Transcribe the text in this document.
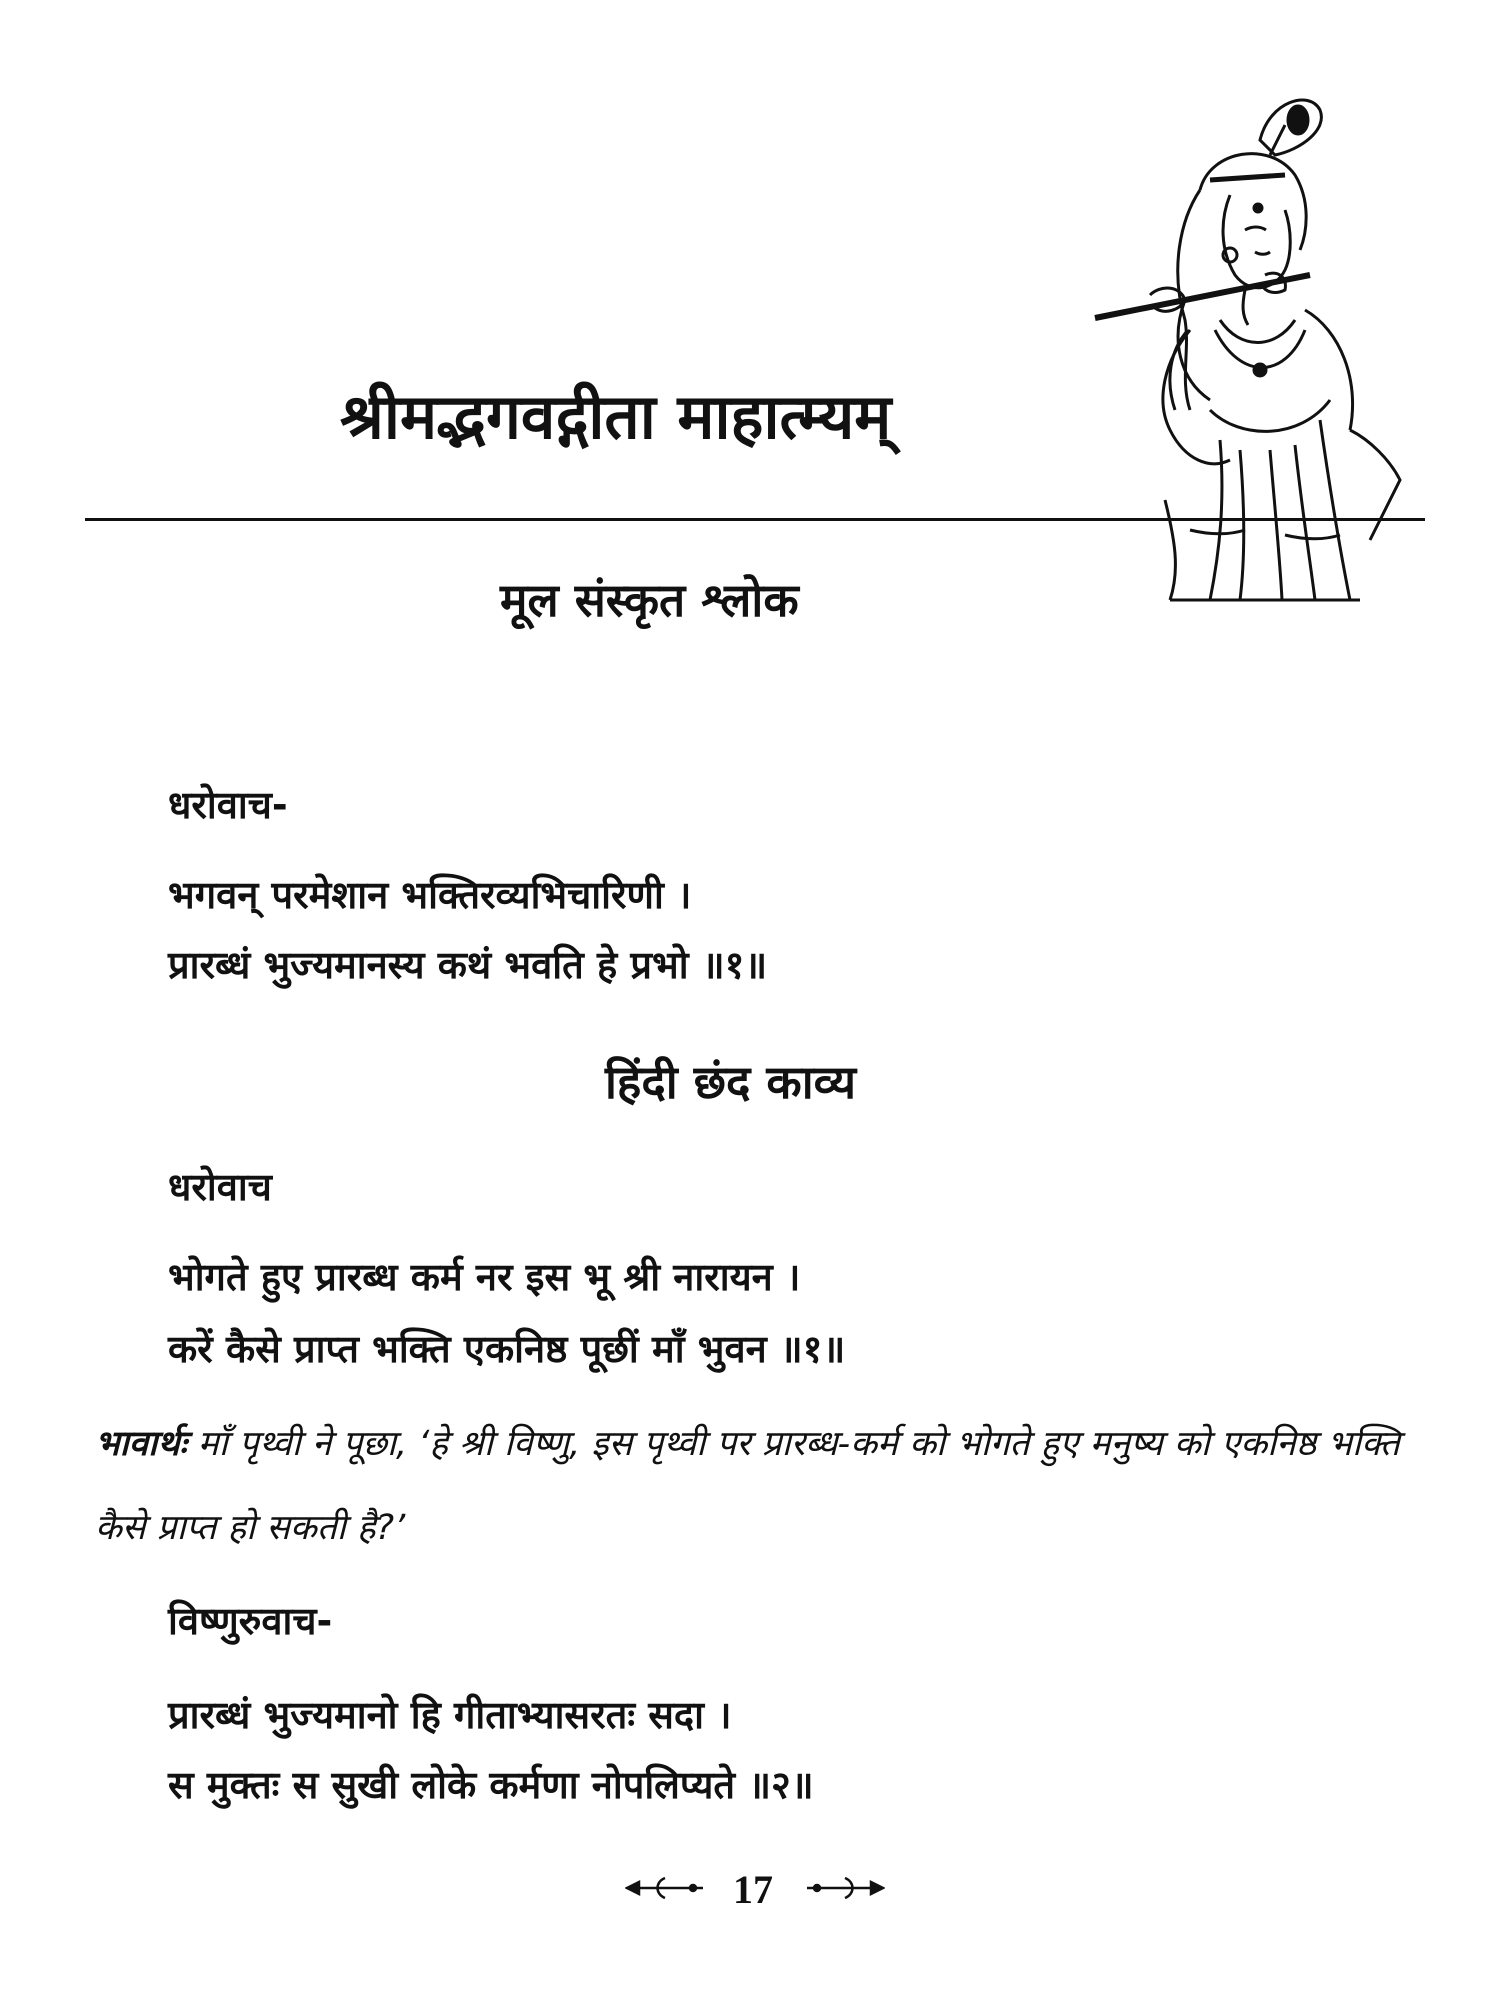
श्रीमद्भगवद्गीता माहात्म्यम्
मूल संस्कृत श्लोक
धरोवाच-
भगवन् परमेशान भक्तिरव्यभिचारिणी ।
प्रारब्धं भुज्यमानस्य कथं भवति हे प्रभो ॥१॥
हिंदी छंद काव्य
धरोवाच
भोगते हुए प्रारब्ध कर्म नर इस भू श्री नारायन ।
करें कैसे प्राप्त भक्ति एकनिष्ठ पूछीं माँ भुवन ॥१॥
भावार्थः माँ पृथ्वी ने पूछा, ‘हे श्री विष्णु, इस पृथ्वी पर प्रारब्ध-कर्म को भोगते हुए मनुष्य को एकनिष्ठ भक्ति कैसे प्राप्त हो सकती है?’
विष्णुरुवाच-
प्रारब्धं भुज्यमानो हि गीताभ्यासरतः सदा ।
स मुक्तः स सुखी लोके कर्मणा नोपलिप्यते ॥२॥
17
